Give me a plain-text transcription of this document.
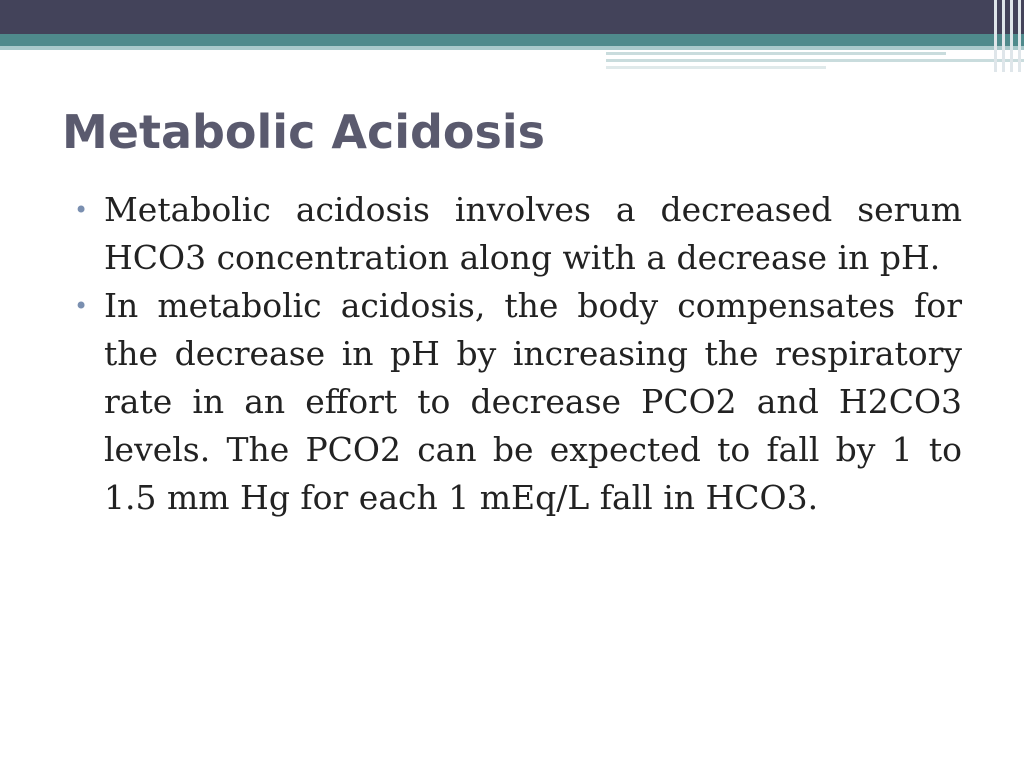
Metabolic Acidosis
• Metabolic acidosis involves a decreased serum HCO3 concentration along with a decrease in pH.
• In metabolic acidosis, the body compensates for the decrease in pH by increasing the respiratory rate in an effort to decrease PCO2 and H2CO3 levels. The PCO2 can be expected to fall by 1 to 1.5 mm Hg for each 1 mEq/L fall in HCO3.
